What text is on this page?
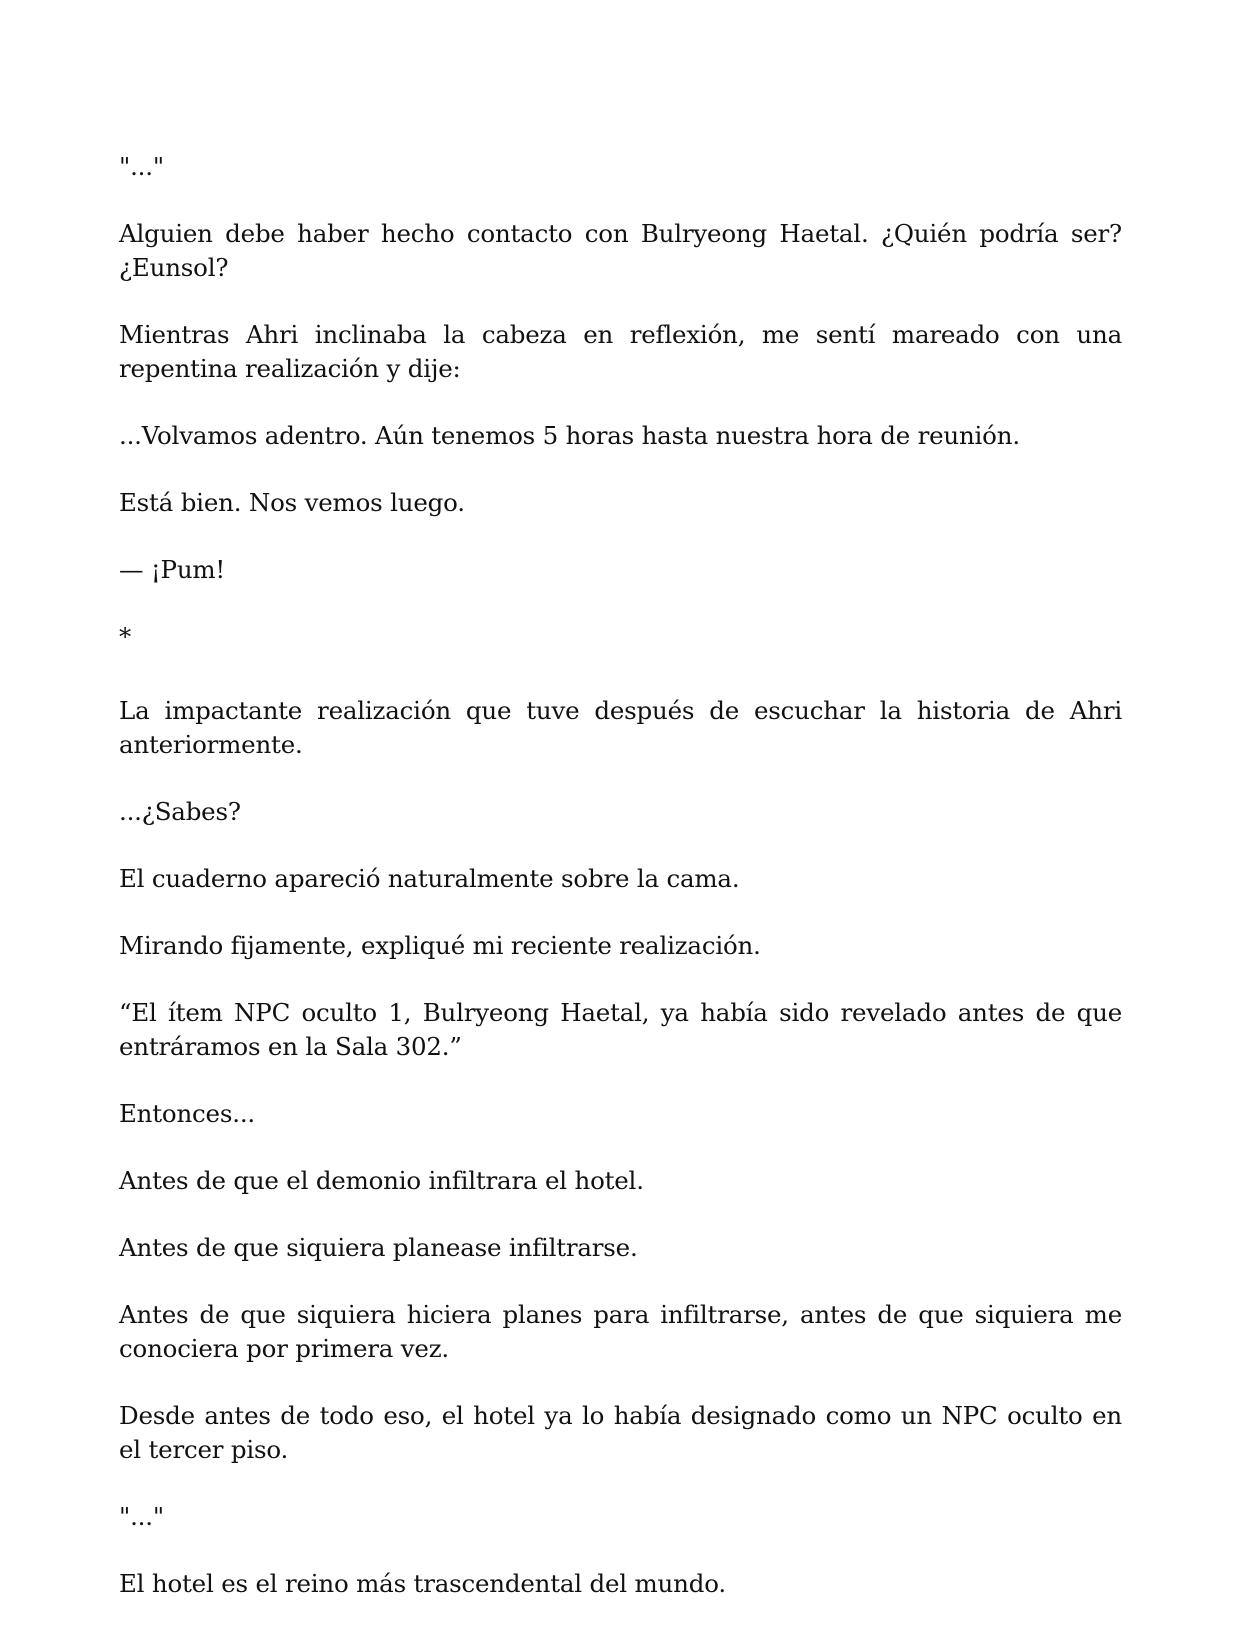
"..."

Alguien debe haber hecho contacto con Bulryeong Haetal. ¿Quién podría ser? ¿Eunsol?

Mientras Ahri inclinaba la cabeza en reflexión, me sentí mareado con una repentina realización y dije:

...Volvamos adentro. Aún tenemos 5 horas hasta nuestra hora de reunión.

Está bien. Nos vemos luego.

— ¡Pum!

*

La impactante realización que tuve después de escuchar la historia de Ahri anteriormente.

...¿Sabes?

El cuaderno apareció naturalmente sobre la cama.

Mirando fijamente, expliqué mi reciente realización.

“El ítem NPC oculto 1, Bulryeong Haetal, ya había sido revelado antes de que entráramos en la Sala 302.”

Entonces...

Antes de que el demonio infiltrara el hotel.

Antes de que siquiera planease infiltrarse.

Antes de que siquiera hiciera planes para infiltrarse, antes de que siquiera me conociera por primera vez.

Desde antes de todo eso, el hotel ya lo había designado como un NPC oculto en el tercer piso.

"..."

El hotel es el reino más trascendental del mundo.
